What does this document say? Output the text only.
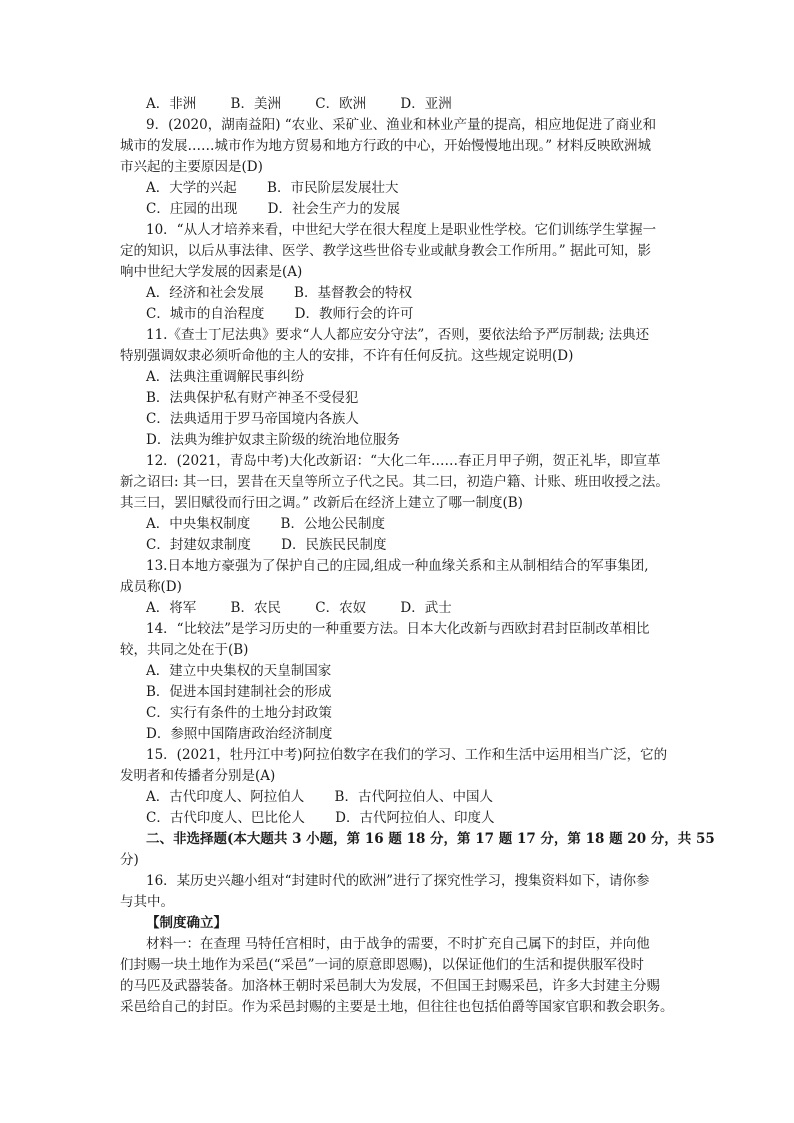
A．非洲	B．美洲	C．欧洲	D．亚洲
9．(2020，湖南益阳) “农业、采矿业、渔业和林业产量的提高，相应地促进了商业和
城市的发展……城市作为地方贸易和地方行政的中心，开始慢慢地出现。” 材料反映欧洲城
市兴起的主要原因是(D)
A．大学的兴起 B．市民阶层发展壮大
C．庄园的出现 D．社会生产力的发展
10．“从人才培养来看，中世纪大学在很大程度上是职业性学校。它们训练学生掌握一
定的知识，以后从事法律、医学、教学这些世俗专业或献身教会工作所用。” 据此可知，影
响中世纪大学发展的因素是(A)
A．经济和社会发展 B．基督教会的特权
C．城市的自治程度 D．教师行会的许可
11.《查士丁尼法典》要求“人人都应安分守法”，否则，要依法给予严厉制裁; 法典还
特别强调奴隶必须听命他的主人的安排，不许有任何反抗。这些规定说明(D)
A．法典注重调解民事纠纷
B．法典保护私有财产神圣不受侵犯
C．法典适用于罗马帝国境内各族人
D．法典为维护奴隶主阶级的统治地位服务
12．(2021，青岛中考)大化改新诏：“大化二年……春正月甲子朔，贺正礼毕，即宣革
新之诏曰: 其一曰，罢昔在天皇等所立子代之民。其二曰，初造户籍、计账、班田收授之法。
其三曰，罢旧赋役而行田之调。” 改新后在经济上建立了哪一制度(B)
A．中央集权制度 B．公地公民制度
C．封建奴隶制度 D．民族民民制度
13.日本地方豪强为了保护自己的庄园,组成一种血缘关系和主从制相结合的军事集团,
成员称(D)
A．将军	B．农民	C．农奴	D．武士
14．“比较法”是学习历史的一种重要方法。日本大化改新与西欧封君封臣制改革相比
较，共同之处在于(B)
A．建立中央集权的天皇制国家
B．促进本国封建制社会的形成
C．实行有条件的土地分封政策
D．参照中国隋唐政治经济制度
15．(2021，牡丹江中考)阿拉伯数字在我们的学习、工作和生活中运用相当广泛，它的
发明者和传播者分别是(A)
A．古代印度人、阿拉伯人 B．古代阿拉伯人、中国人
C．古代印度人、巴比伦人 D．古代阿拉伯人、印度人
二、非选择题(本大题共 3 小题，第 16 题 18 分，第 17 题 17 分，第 18 题 20 分，共 55
分)
16．某历史兴趣小组对“封建时代的欧洲”进行了探究性学习，搜集资料如下，请你参
与其中。
【制度确立】
材料一：在查理 马特任宫相时，由于战争的需要，不时扩充自己属下的封臣，并向他
们封赐一块土地作为采邑(“采邑”一词的原意即恩赐)，以保证他们的生活和提供服军役时
的马匹及武器装备。加洛林王朝时采邑制大为发展，不但国王封赐采邑，许多大封建主分赐
采邑给自己的封臣。作为采邑封赐的主要是土地，但往往也包括伯爵等国家官职和教会职务。
